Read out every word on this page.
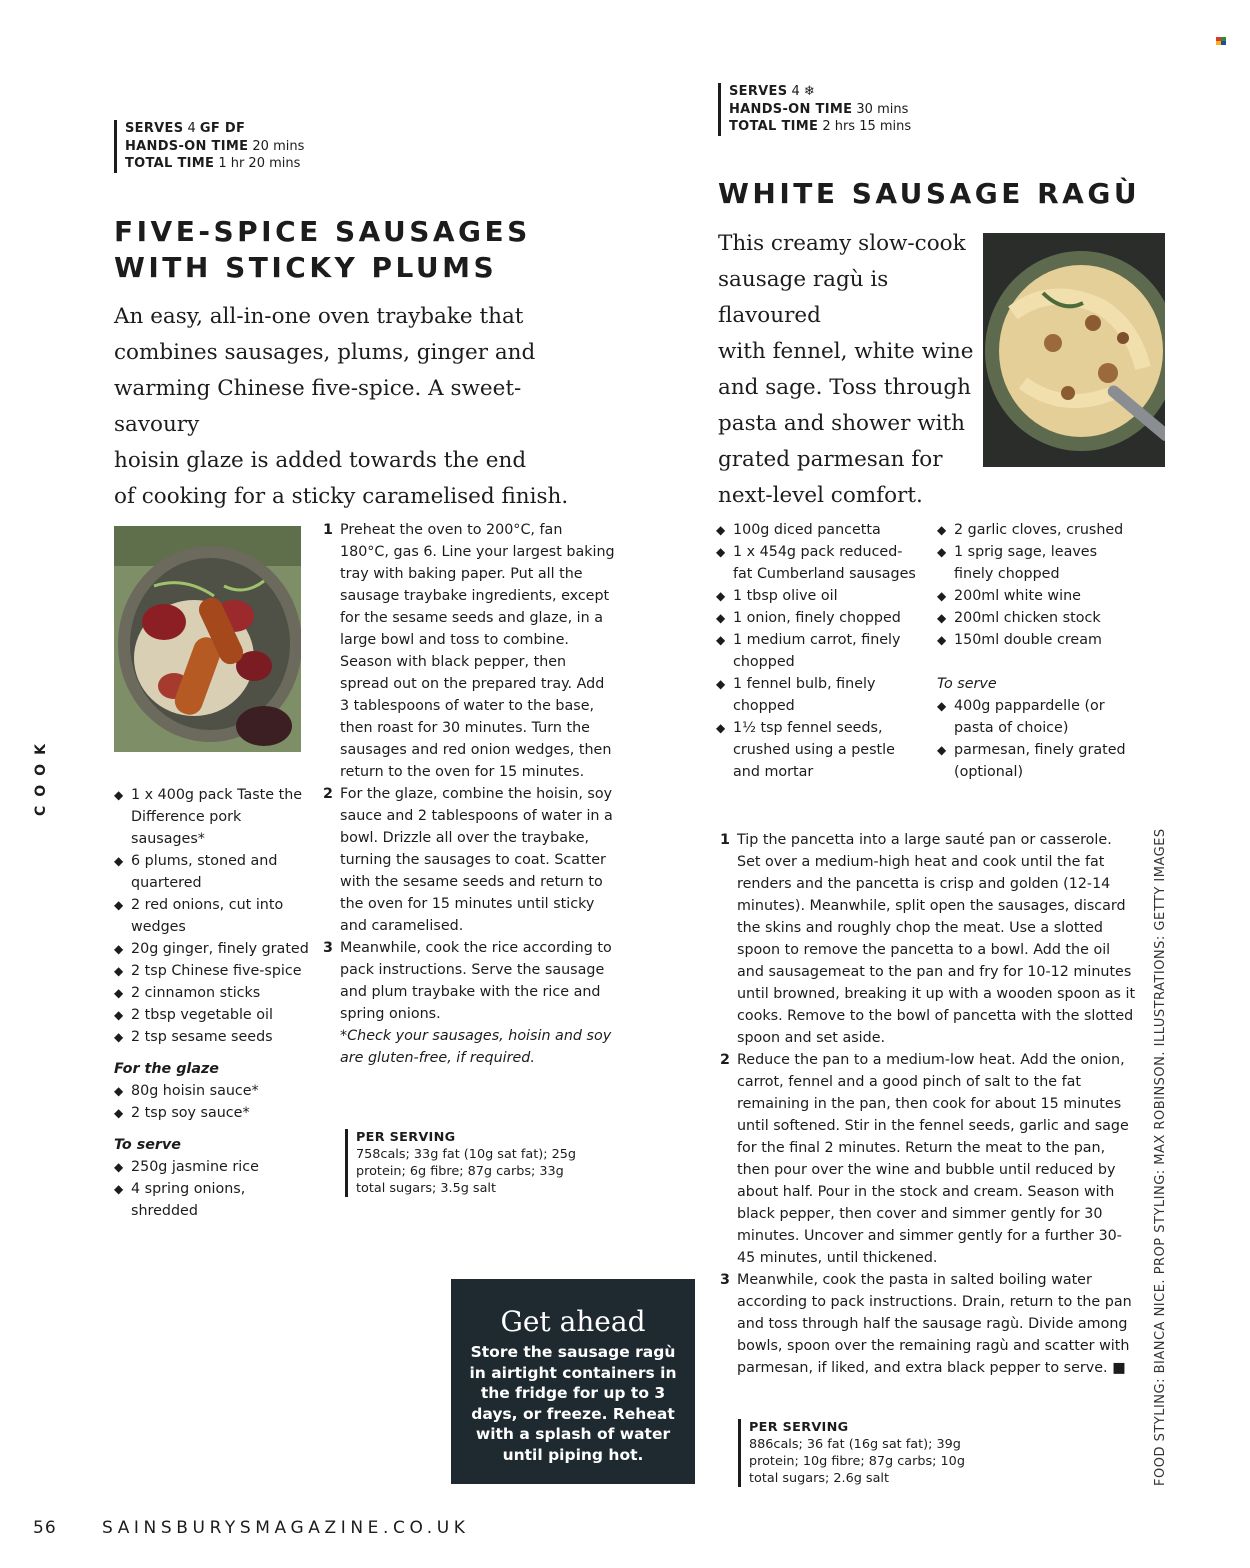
SERVES 4 GF DF
HANDS-ON TIME 20 mins
TOTAL TIME 1 hr 20 mins
FIVE-SPICE SAUSAGES
WITH STICKY PLUMS

An easy, all-in-one oven traybake that

combines sausages, plums, ginger and

warming Chinese five-spice. A sweet-savoury

hoisin glaze is added towards the end

of cooking for a sticky caramelised finish.

◆ 1 x 400g pack Taste the Difference pork sausages*
◆ 6 plums, stoned and quartered
◆ 2 red onions, cut into wedges
◆ 20g ginger, finely grated
◆ 2 tsp Chinese five-spice
◆ 2 cinnamon sticks
◆ 2 tbsp vegetable oil
◆ 2 tsp sesame seeds
For the glaze
◆ 80g hoisin sauce*
◆ 2 tsp soy sauce*
To serve
◆ 250g jasmine rice
◆ 4 spring onions, shredded
1 Preheat the oven to 200°C, fan 180°C, gas 6. Line your largest baking tray with baking paper. Put all the sausage traybake ingredients, except for the sesame seeds and glaze, in a large bowl and toss to combine. Season with black pepper, then spread out on the prepared tray. Add 3 tablespoons of water to the base, then roast for 30 minutes. Turn the sausages and red onion wedges, then return to the oven for 15 minutes.
2 For the glaze, combine the hoisin, soy sauce and 2 tablespoons of water in a bowl. Drizzle all over the traybake, turning the sausages to coat. Scatter with the sesame seeds and return to the oven for 15 minutes until sticky and caramelised.
3 Meanwhile, cook the rice according to pack instructions. Serve the sausage and plum traybake with the rice and spring onions.
*Check your sausages, hoisin and soy are gluten-free, if required.
PER SERVING
758cals; 33g fat (10g sat fat); 25g protein; 6g fibre; 87g carbs; 33g total sugars; 3.5g salt
Get ahead

Store the sausage ragù in airtight containers in the fridge for up to 3 days, or freeze. Reheat with a splash of water until piping hot.

SERVES 4 ❄
HANDS-ON TIME 30 mins
TOTAL TIME 2 hrs 15 mins
WHITE SAUSAGE RAGÙ

This creamy slow-cook

sausage ragù is flavoured

with fennel, white wine

and sage. Toss through

pasta and shower with

grated parmesan for

next-level comfort.

◆ 100g diced pancetta
◆ 1 x 454g pack reduced-fat Cumberland sausages
◆ 1 tbsp olive oil
◆ 1 onion, finely chopped
◆ 1 medium carrot, finely chopped
◆ 1 fennel bulb, finely chopped
◆ 1½ tsp fennel seeds, crushed using a pestle and mortar
◆ 2 garlic cloves, crushed
◆ 1 sprig sage, leaves finely chopped
◆ 200ml white wine
◆ 200ml chicken stock
◆ 150ml double cream
To serve
◆ 400g pappardelle (or pasta of choice)
◆ parmesan, finely grated (optional)
1 Tip the pancetta into a large sauté pan or casserole. Set over a medium-high heat and cook until the fat renders and the pancetta is crisp and golden (12-14 minutes). Meanwhile, split open the sausages, discard the skins and roughly chop the meat. Use a slotted spoon to remove the pancetta to a bowl. Add the oil and sausagemeat to the pan and fry for 10-12 minutes until browned, breaking it up with a wooden spoon as it cooks. Remove to the bowl of pancetta with the slotted spoon and set aside.
2 Reduce the pan to a medium-low heat. Add the onion, carrot, fennel and a good pinch of salt to the fat remaining in the pan, then cook for about 15 minutes until softened. Stir in the fennel seeds, garlic and sage for the final 2 minutes. Return the meat to the pan, then pour over the wine and bubble until reduced by about half. Pour in the stock and cream. Season with black pepper, then cover and simmer gently for 30 minutes. Uncover and simmer gently for a further 30-45 minutes, until thickened.
3 Meanwhile, cook the pasta in salted boiling water according to pack instructions. Drain, return to the pan and toss through half the sausage ragù. Divide among bowls, spoon over the remaining ragù and scatter with parmesan, if liked, and extra black pepper to serve. ■
PER SERVING
886cals; 36 fat (16g sat fat); 39g protein; 10g fibre; 87g carbs; 10g total sugars; 2.6g salt
COOK
FOOD STYLING: BIANCA NICE. PROP STYLING: MAX ROBINSON. ILLUSTRATIONS: GETTY IMAGES
56	SAINSBURYSMAGAZINE.CO.UK
